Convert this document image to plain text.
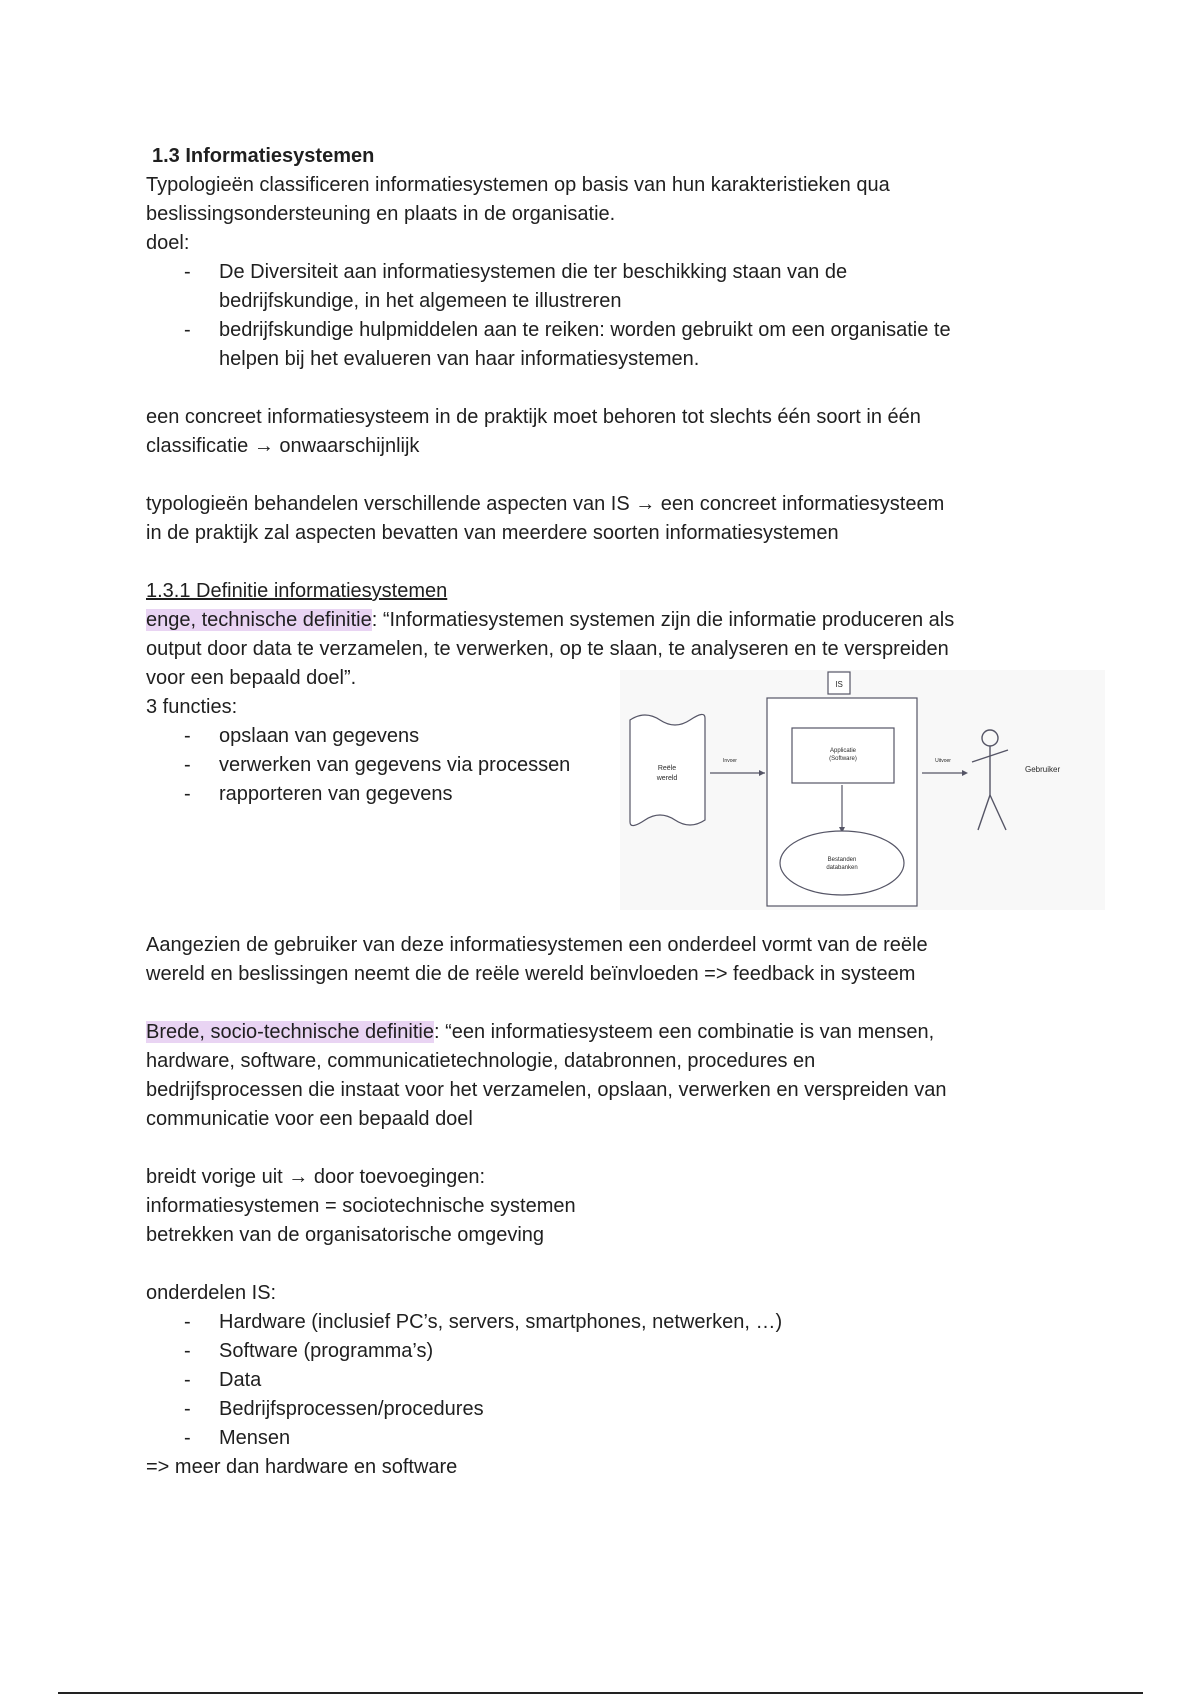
1.3 Informatiesystemen
Typologieën classificeren informatiesystemen op basis van hun karakteristieken qua
beslissingsondersteuning en plaats in de organisatie.
doel:
- De Diversiteit aan informatiesystemen die ter beschikking staan van de
bedrijfskundige, in het algemeen te illustreren
- bedrijfskundige hulpmiddelen aan te reiken: worden gebruikt om een organisatie te
helpen bij het evalueren van haar informatiesystemen.
een concreet informatiesysteem in de praktijk moet behoren tot slechts één soort in één
classificatie → onwaarschijnlijk
typologieën behandelen verschillende aspecten van IS → een concreet informatiesysteem
in de praktijk zal aspecten bevatten van meerdere soorten informatiesystemen
1.3.1 Definitie informatiesystemen
enge, technische definitie: “Informatiesystemen systemen zijn die informatie produceren als
output door data te verzamelen, te verwerken, op te slaan, te analyseren en te verspreiden
voor een bepaald doel”.
3 functies:
- opslaan van gegevens
- verwerken van gegevens via processen
- rapporteren van gegevens
Aangezien de gebruiker van deze informatiesystemen een onderdeel vormt van de reële
wereld en beslissingen neemt die de reële wereld beïnvloeden => feedback in systeem
Brede, socio-technische definitie: “een informatiesysteem een combinatie is van mensen,
hardware, software, communicatietechnologie, databronnen, procedures en
bedrijfsprocessen die instaat voor het verzamelen, opslaan, verwerken en verspreiden van
communicatie voor een bepaald doel
breidt vorige uit → door toevoegingen:
informatiesystemen = sociotechnische systemen
betrekken van de organisatorische omgeving
onderdelen IS:
- Hardware (inclusief PC’s, servers, smartphones, netwerken, …)
- Software (programma’s)
- Data
- Bedrijfsprocessen/procedures
- Mensen
=> meer dan hardware en software
IS
Reële
wereld
Invoer
Applicatie
(Software)
Bestanden
databanken
Uitvoer
Gebruiker
